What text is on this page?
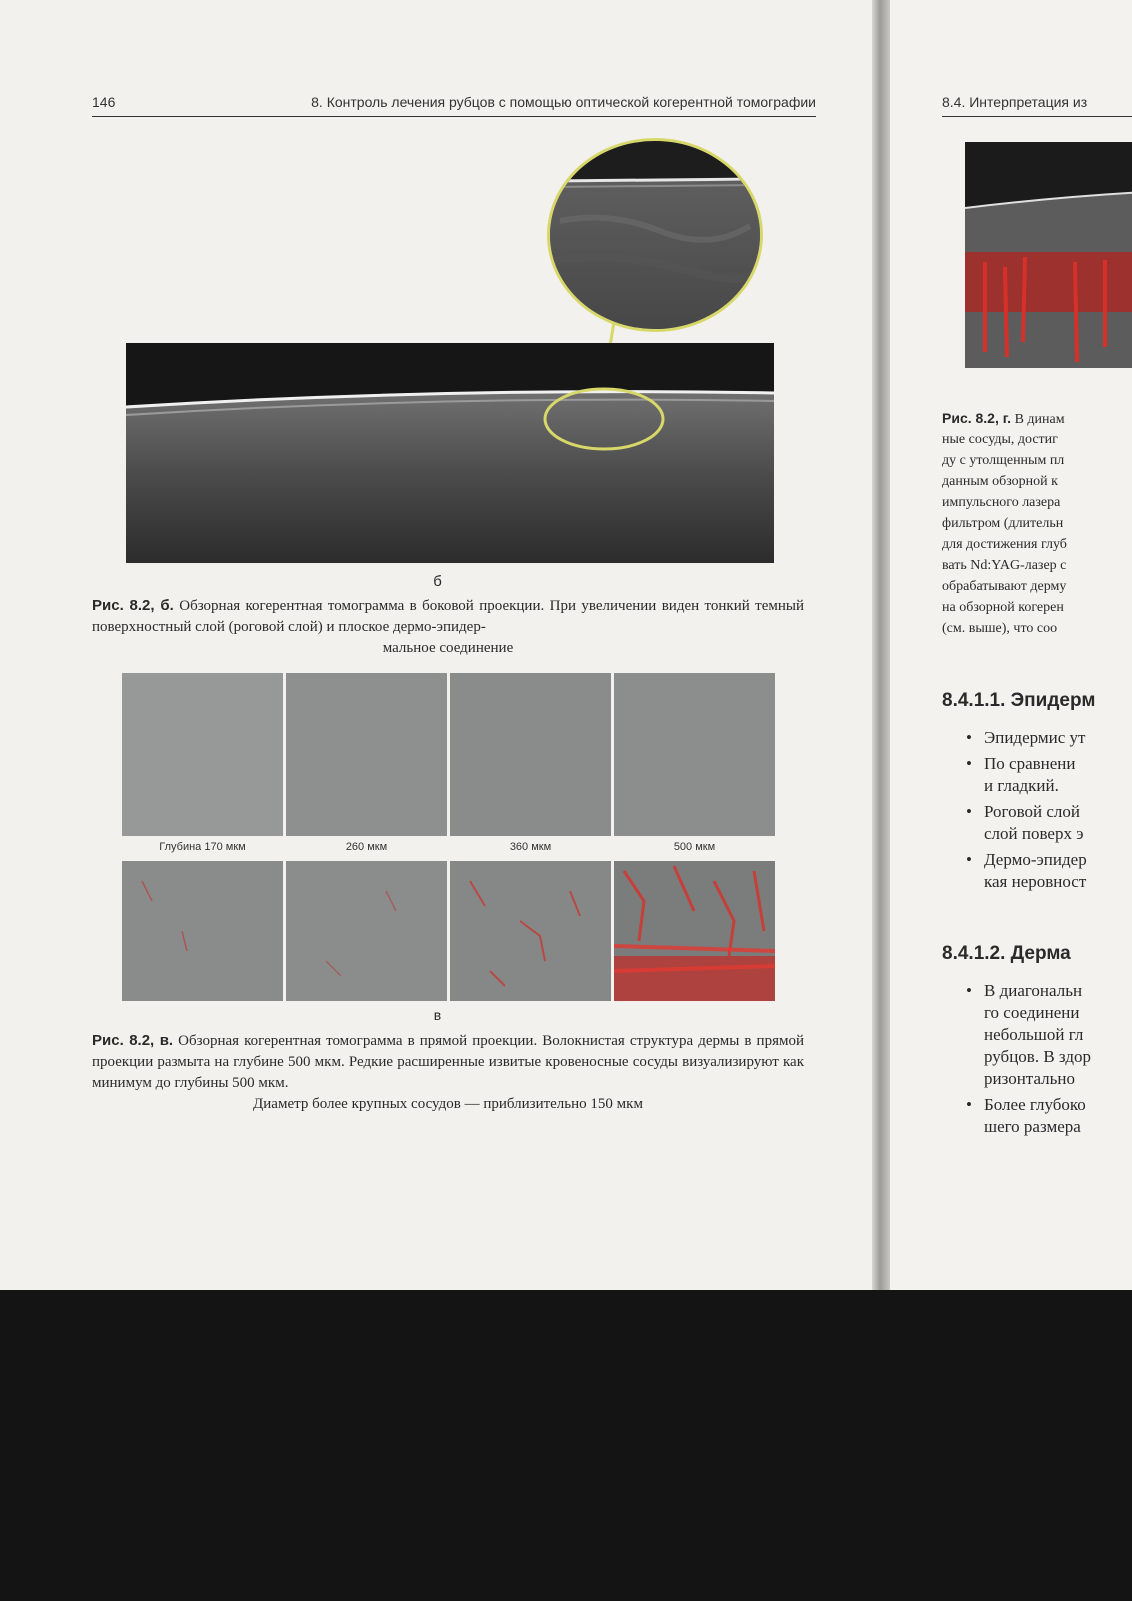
146	8. Контроль лечения рубцов с помощью оптической когерентной томографии
б
Рис. 8.2, б. Обзорная когерентная томограмма в боковой проекции. При увеличении виден тонкий темный поверхностный слой (роговой слой) и плоское дермо-эпидер-
мальное соединение
Глубина 170 мкм	260 мкм	360 мкм	500 мкм
в
Рис. 8.2, в. Обзорная когерентная томограмма в прямой проекции. Волокнистая структура дермы в прямой проекции размыта на глубине 500 мкм. Редкие расширенные извитые кровеносные сосуды визуализируют как минимум до глубины 500 мкм.
Диаметр более крупных сосудов — приблизительно 150 мкм
8.4. Интерпретация из
Рис. 8.2, г. В динам
ные сосуды, достиг
ду с утолщенным пл
данным обзорной к
импульсного лазера
фильтром (длительн
для достижения глуб
вать Nd:YAG-лазер с
обрабатывают дерму
на обзорной когерен
(см. выше), что соо
8.4.1.1. Эпидерм
• Эпидермис ут
• По сравнени
и гладкий.
• Роговой слой
слой поверх э
• Дермо-эпидер
кая неровност
8.4.1.2. Дерма
• В диагональн
го соединени
небольшой гл
рубцов. В здор
ризонтально
• Более глубоко
шего размера
